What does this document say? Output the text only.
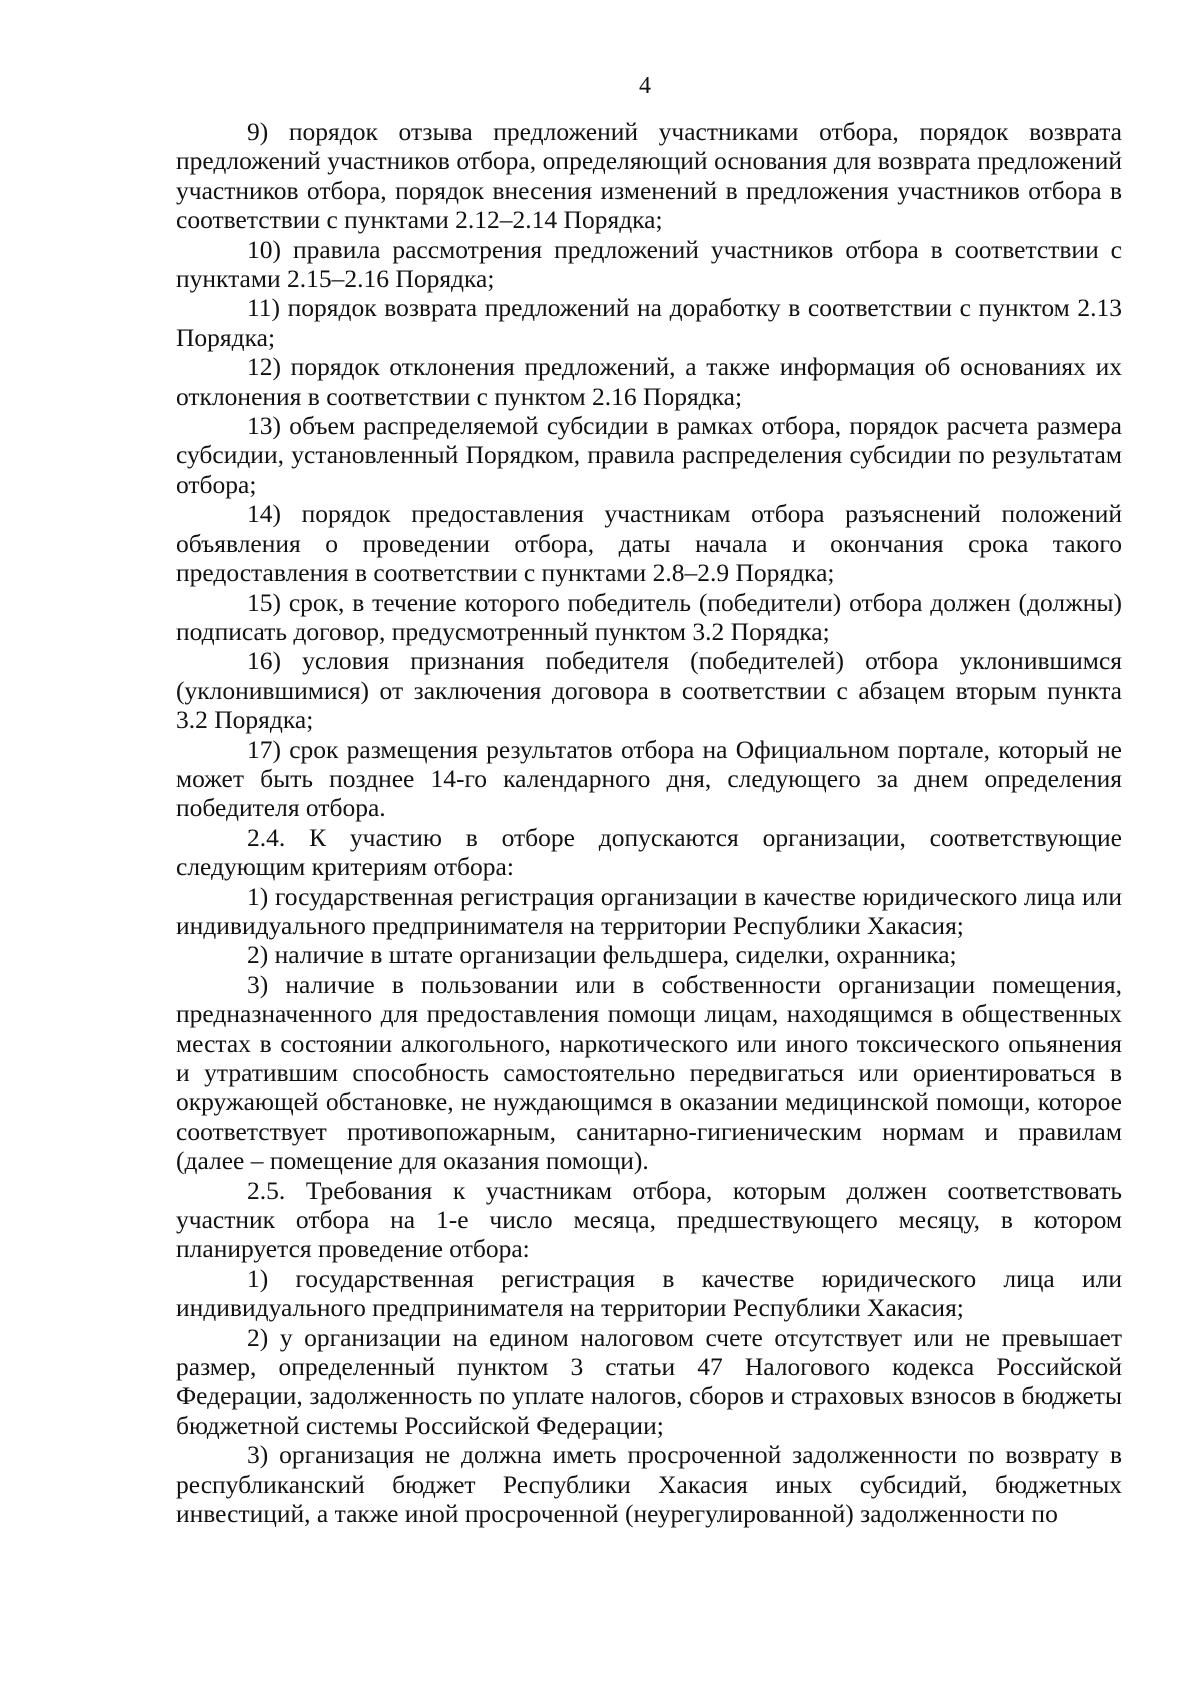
4

9) порядок отзыва предложений участниками отбора, порядок возврата предложений участников отбора, определяющий основания для возврата предложений участников отбора, порядок внесения изменений в предложения участников отбора в соответствии с пунктами 2.12–2.14 Порядка;

10) правила рассмотрения предложений участников отбора в соответствии с пунктами 2.15–2.16 Порядка;

11) порядок возврата предложений на доработку в соответствии с пунктом 2.13 Порядка;

12) порядок отклонения предложений, а также информация об основаниях их отклонения в соответствии с пунктом 2.16 Порядка;

13) объем распределяемой субсидии в рамках отбора, порядок расчета размера субсидии, установленный Порядком, правила распределения субсидии по результатам отбора;

14) порядок предоставления участникам отбора разъяснений положений объявления о проведении отбора, даты начала и окончания срока такого предоставления в соответствии с пунктами 2.8–2.9 Порядка;

15) срок, в течение которого победитель (победители) отбора должен (должны) подписать договор, предусмотренный пунктом 3.2 Порядка;

16) условия признания победителя (победителей) отбора уклонившимся (уклонившимися) от заключения договора в соответствии с абзацем вторым пункта 3.2 Порядка;

17) срок размещения результатов отбора на Официальном портале, который не может быть позднее 14-го календарного дня, следующего за днем определения победителя отбора.

2.4. К участию в отборе допускаются организации, соответствующие следующим критериям отбора:

1) государственная регистрация организации в качестве юридического лица или индивидуального предпринимателя на территории Республики Хакасия;

2) наличие в штате организации фельдшера, сиделки, охранника;

3) наличие в пользовании или в собственности организации помещения, предназначенного для предоставления помощи лицам, находящимся в общественных местах в состоянии алкогольного, наркотического или иного токсического опьянения и утратившим способность самостоятельно передвигаться или ориентироваться в окружающей обстановке, не нуждающимся в оказании медицинской помощи, которое соответствует противопожарным, санитарно-гигиеническим нормам и правилам (далее – помещение для оказания помощи).

2.5. Требования к участникам отбора, которым должен соответствовать участник отбора на 1-е число месяца, предшествующего месяцу, в котором планируется проведение отбора:

1) государственная регистрация в качестве юридического лица или индивидуального предпринимателя на территории Республики Хакасия;

2) у организации на едином налоговом счете отсутствует или не превышает размер, определенный пунктом 3 статьи 47 Налогового кодекса Российской Федерации, задолженность по уплате налогов, сборов и страховых взносов в бюджеты бюджетной системы Российской Федерации;

3) организация не должна иметь просроченной задолженности по возврату в республиканский бюджет Республики Хакасия иных субсидий, бюджетных инвестиций, а также иной просроченной (неурегулированной) задолженности по
